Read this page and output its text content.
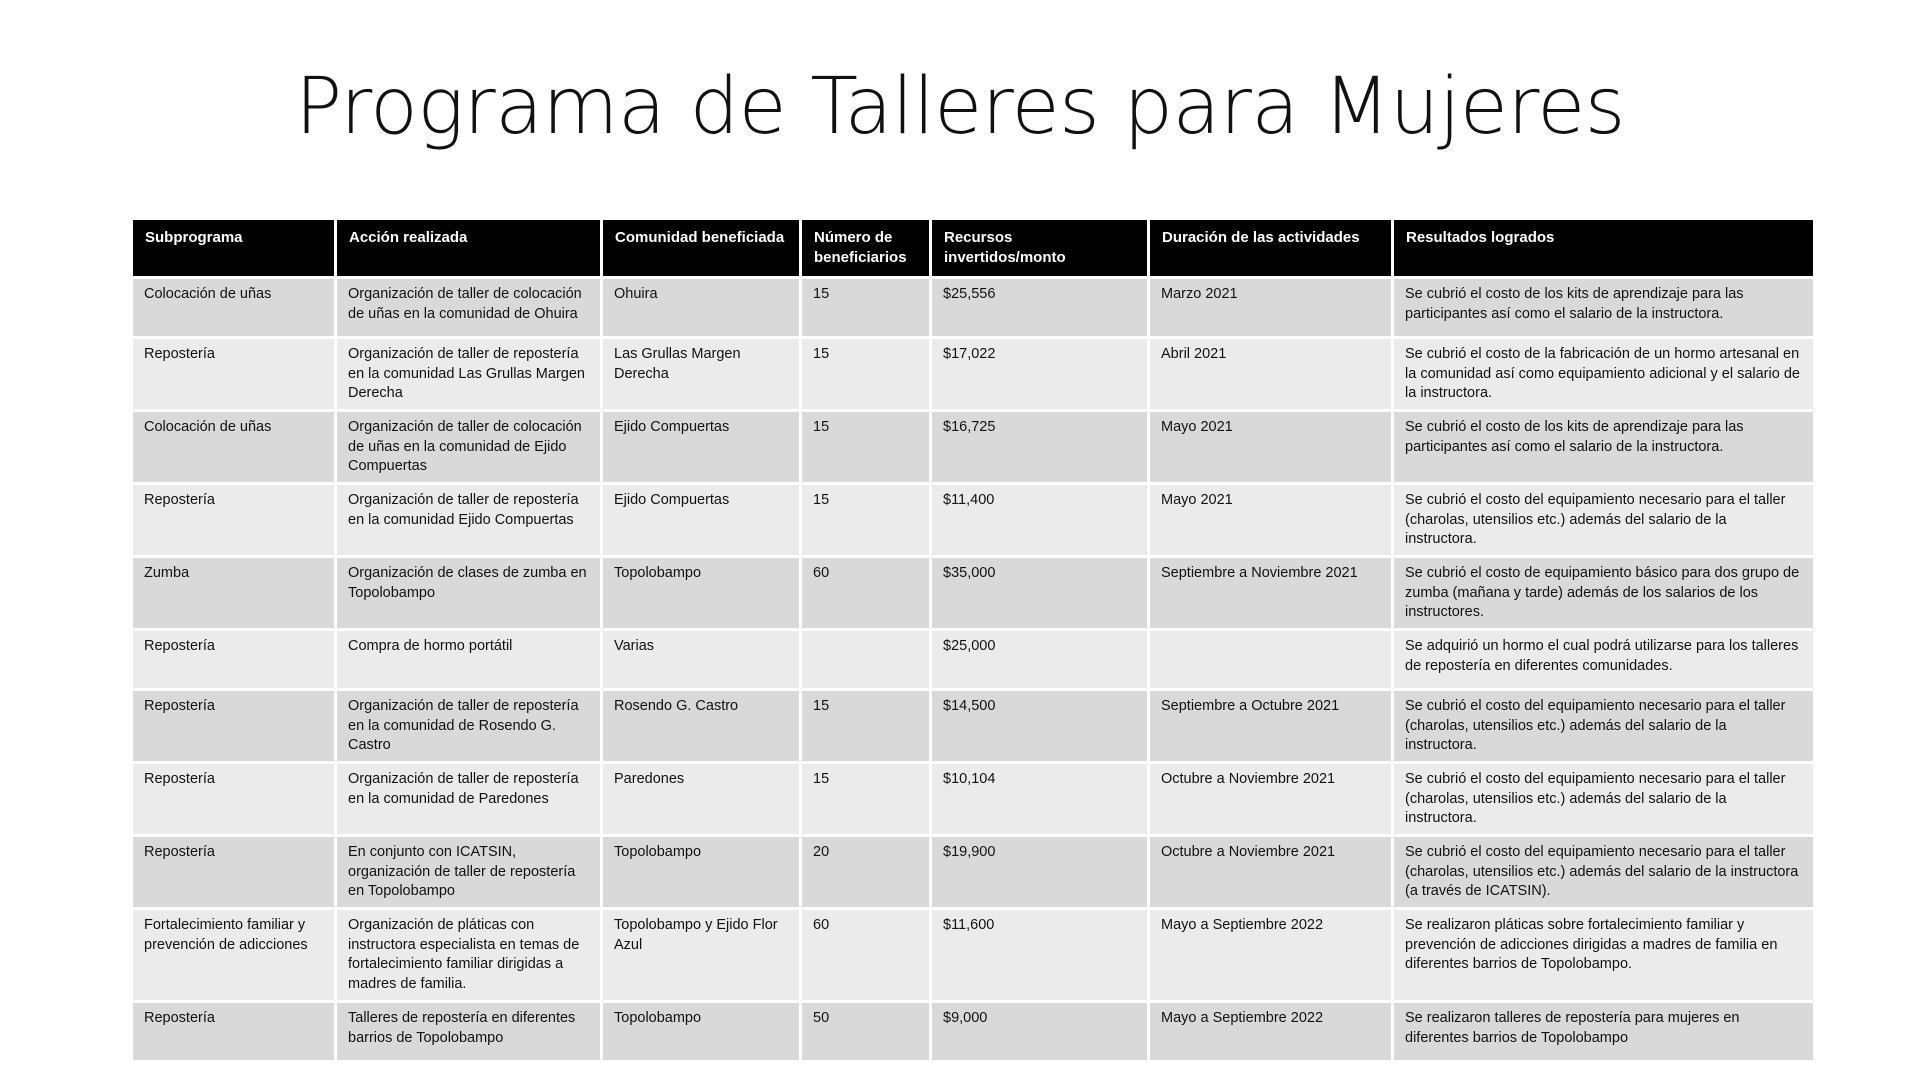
Programa de Talleres para Mujeres
Subprograma	Acción realizada	Comunidad beneficiada	Número de beneficiarios	Recursos invertidos/monto	Duración de las actividades	Resultados logrados
Colocación de uñas	Organización de taller de colocación de uñas en la comunidad de Ohuira	Ohuira	15	$25,556	Marzo 2021	Se cubrió el costo de los kits de aprendizaje para las participantes así como el salario de la instructora.
Repostería	Organización de taller de repostería en la comunidad Las Grullas Margen Derecha	Las Grullas Margen Derecha	15	$17,022	Abril 2021	Se cubrió el costo de la fabricación de un hormo artesanal en la comunidad así como equipamiento adicional y el salario de la instructora.
Colocación de uñas	Organización de taller de colocación de uñas en la comunidad de Ejido Compuertas	Ejido Compuertas	15	$16,725	Mayo 2021	Se cubrió el costo de los kits de aprendizaje para las participantes así como el salario de la instructora.
Repostería	Organización de taller de repostería en la comunidad Ejido Compuertas	Ejido Compuertas	15	$11,400	Mayo 2021	Se cubrió el costo del equipamiento necesario para el taller (charolas, utensilios etc.) además del salario de la instructora.
Zumba	Organización de clases de zumba en Topolobampo	Topolobampo	60	$35,000	Septiembre a Noviembre 2021	Se cubrió el costo de equipamiento básico para dos grupo de zumba (mañana y tarde) además de los salarios de los instructores.
Repostería	Compra de hormo portátil	Varias		$25,000		Se adquirió un hormo el cual podrá utilizarse para los talleres de repostería en diferentes comunidades.
Repostería	Organización de taller de repostería en la comunidad de Rosendo G. Castro	Rosendo G. Castro	15	$14,500	Septiembre a Octubre 2021	Se cubrió el costo del equipamiento necesario para el taller (charolas, utensilios etc.) además del salario de la instructora.
Repostería	Organización de taller de repostería en la comunidad de Paredones	Paredones	15	$10,104	Octubre a Noviembre 2021	Se cubrió el costo del equipamiento necesario para el taller (charolas, utensilios etc.) además del salario de la instructora.
Repostería	En conjunto con ICATSIN, organización de taller de repostería en Topolobampo	Topolobampo	20	$19,900	Octubre a Noviembre 2021	Se cubrió el costo del equipamiento necesario para el taller (charolas, utensilios etc.) además del salario de la instructora (a través de ICATSIN).
Fortalecimiento familiar y prevención de adicciones	Organización de pláticas con instructora especialista en temas de fortalecimiento familiar dirigidas a madres de familia.	Topolobampo y Ejido Flor Azul	60	$11,600	Mayo a Septiembre 2022	Se realizaron pláticas sobre fortalecimiento familiar y prevención de adicciones dirigidas a madres de familia en diferentes barrios de Topolobampo.
Repostería	Talleres de repostería en diferentes barrios de Topolobampo	Topolobampo	50	$9,000	Mayo a Septiembre 2022	Se realizaron talleres de repostería para mujeres en diferentes barrios de Topolobampo
